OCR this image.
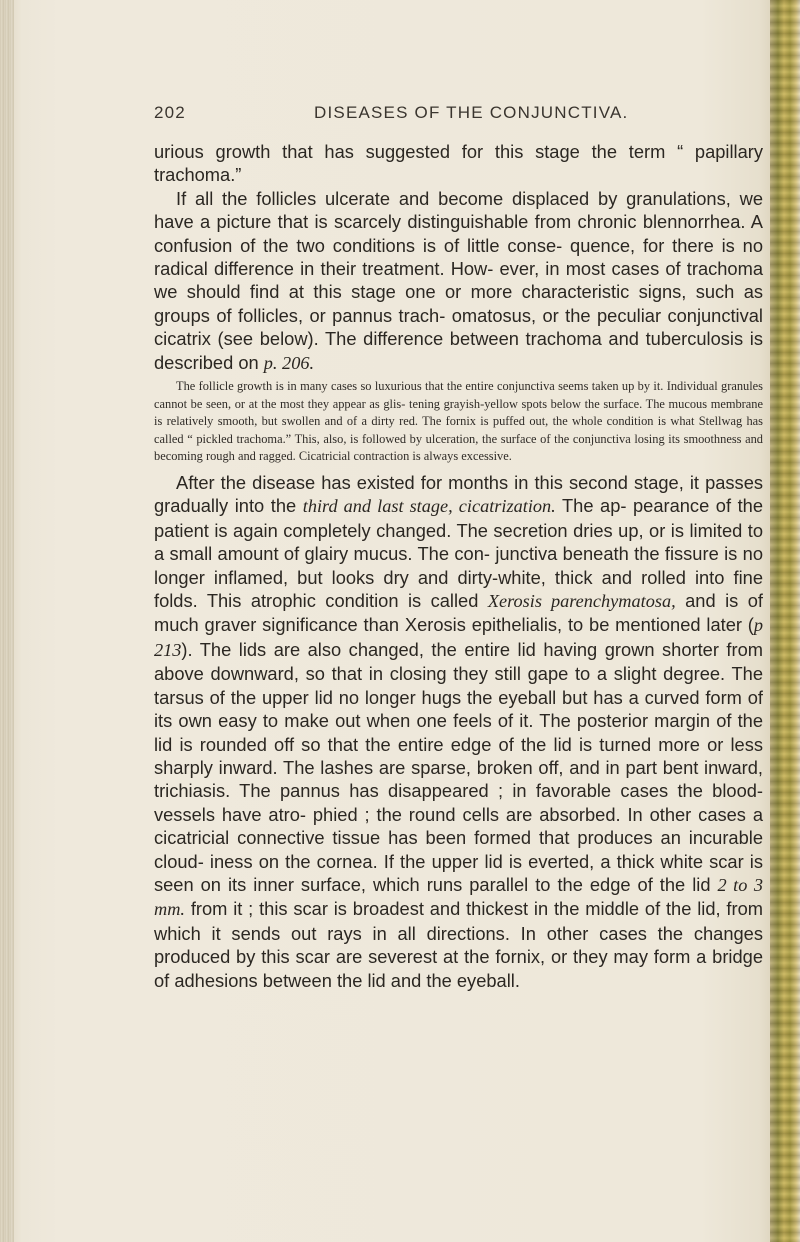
202	DISEASES OF THE CONJUNCTIVA.

urious growth that has suggested for this stage the term “ papillary trachoma.”

If all the follicles ulcerate and become displaced by granulations, we have a picture that is scarcely distinguishable from chronic blennorrhea. A confusion of the two conditions is of little conse- quence, for there is no radical difference in their treatment. How- ever, in most cases of trachoma we should find at this stage one or more characteristic signs, such as groups of follicles, or pannus trach- omatosus, or the peculiar conjunctival cicatrix (see below). The difference between trachoma and tuberculosis is described on p. 206.

The follicle growth is in many cases so luxurious that the entire conjunctiva seems taken up by it. Individual granules cannot be seen, or at the most they appear as glis- tening grayish-yellow spots below the surface. The mucous membrane is relatively smooth, but swollen and of a dirty red. The fornix is puffed out, the whole condition is what Stellwag has called “ pickled trachoma.” This, also, is followed by ulceration, the surface of the conjunctiva losing its smoothness and becoming rough and ragged. Cicatricial contraction is always excessive.

After the disease has existed for months in this second stage, it passes gradually into the third and last stage, cicatrization. The ap- pearance of the patient is again completely changed. The secretion dries up, or is limited to a small amount of glairy mucus. The con- junctiva beneath the fissure is no longer inflamed, but looks dry and dirty-white, thick and rolled into fine folds. This atrophic condition is called Xerosis parenchymatosa, and is of much graver significance than Xerosis epithelialis, to be mentioned later (p 213). The lids are also changed, the entire lid having grown shorter from above downward, so that in closing they still gape to a slight degree. The tarsus of the upper lid no longer hugs the eyeball but has a curved form of its own easy to make out when one feels of it. The posterior margin of the lid is rounded off so that the entire edge of the lid is turned more or less sharply inward. The lashes are sparse, broken off, and in part bent inward, trichiasis. The pannus has disappeared ; in favorable cases the blood-vessels have atro- phied ; the round cells are absorbed. In other cases a cicatricial connective tissue has been formed that produces an incurable cloud- iness on the cornea. If the upper lid is everted, a thick white scar is seen on its inner surface, which runs parallel to the edge of the lid 2 to 3 mm. from it ; this scar is broadest and thickest in the middle of the lid, from which it sends out rays in all directions. In other cases the changes produced by this scar are severest at the fornix, or they may form a bridge of adhesions between the lid and the eyeball.
